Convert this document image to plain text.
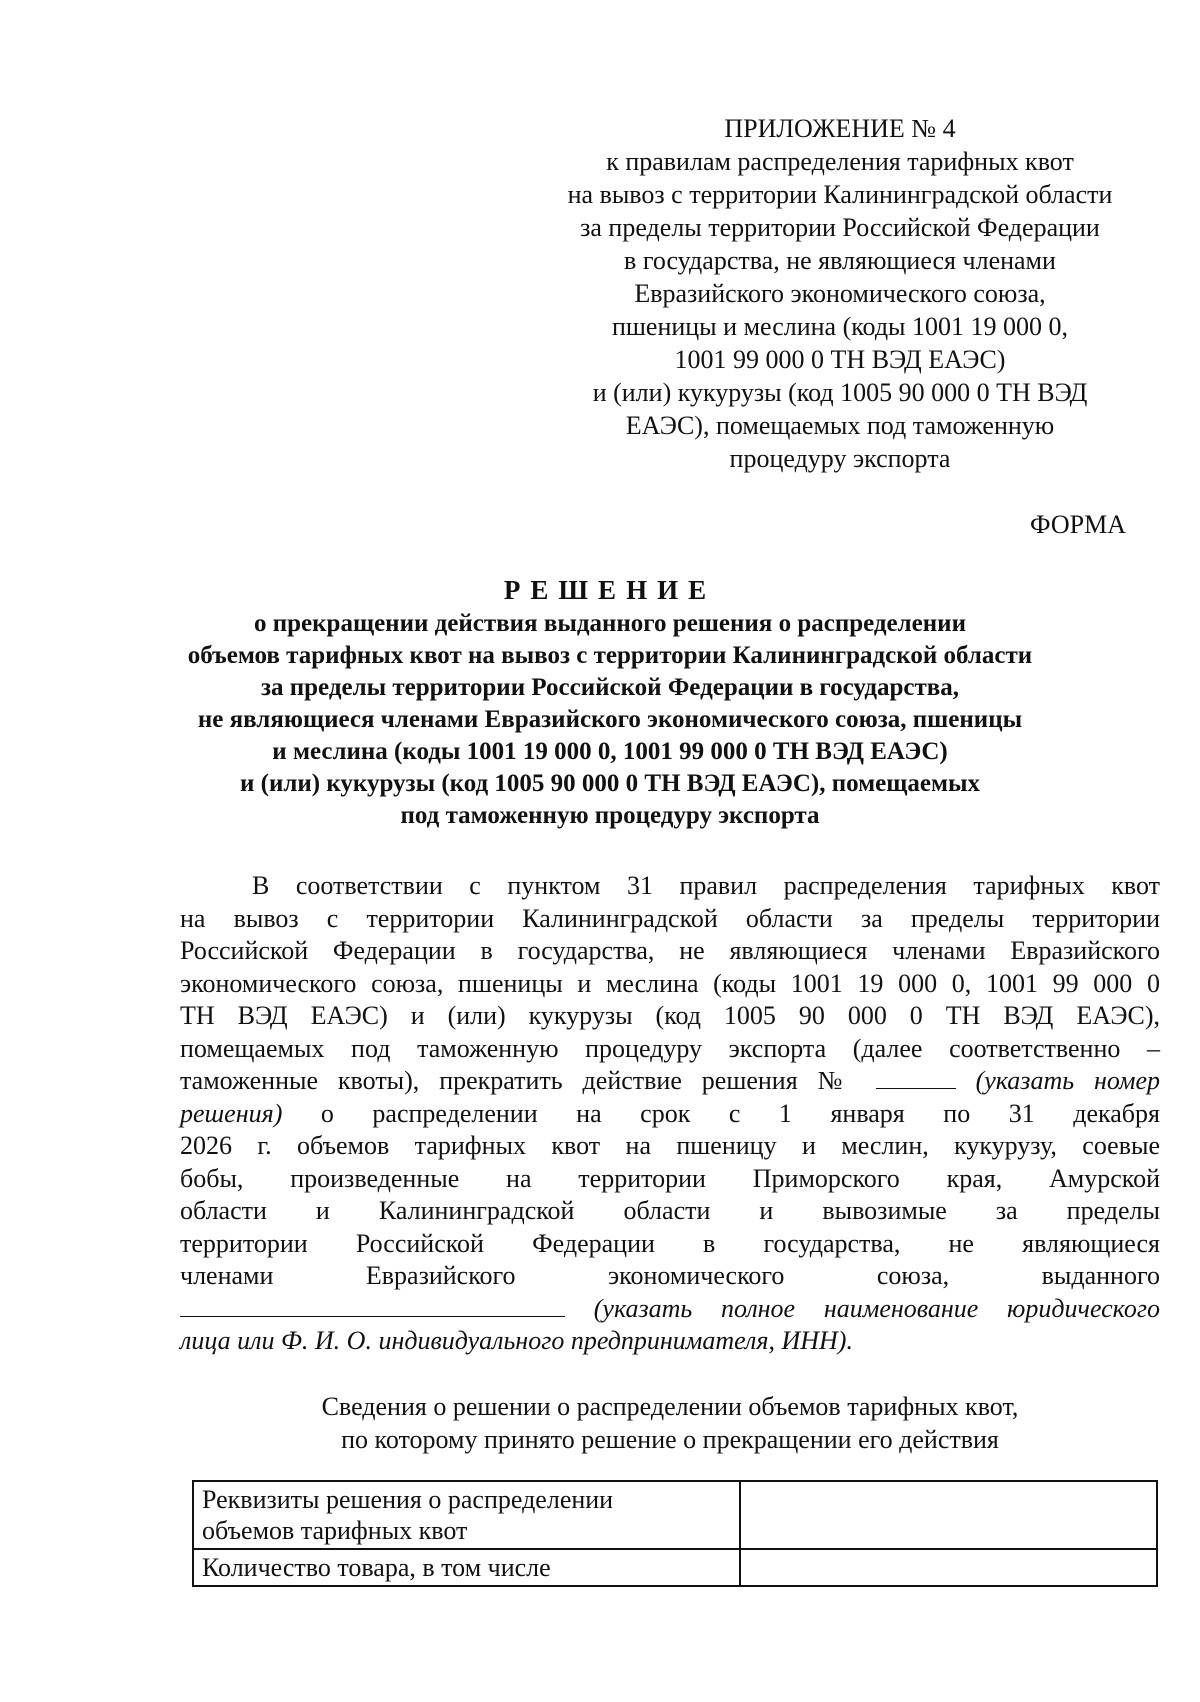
ПРИЛОЖЕНИЕ № 4
к правилам распределения тарифных квот
на вывоз с территории Калининградской области
за пределы территории Российской Федерации
в государства, не являющиеся членами
Евразийского экономического союза,
пшеницы и меслина (коды 1001 19 000 0,
1001 99 000 0 ТН ВЭД ЕАЭС)
и (или) кукурузы (код 1005 90 000 0 ТН ВЭД
ЕАЭС), помещаемых под таможенную
процедуру экспорта
ФОРМА
РЕШЕНИЕ
о прекращении действия выданного решения о распределении
объемов тарифных квот на вывоз с территории Калининградской области
за пределы территории Российской Федерации в государства,
не являющиеся членами Евразийского экономического союза, пшеницы
и меслина (коды 1001 19 000 0, 1001 99 000 0 ТН ВЭД ЕАЭС)
и (или) кукурузы (код 1005 90 000 0 ТН ВЭД ЕАЭС), помещаемых
под таможенную процедуру экспорта
В соответствии с пунктом 31 правил распределения тарифных квот
на вывоз с территории Калининградской области за пределы территории
Российской Федерации в государства, не являющиеся членами Евразийского
экономического союза, пшеницы и меслина (коды 1001 19 000 0, 1001 99 000 0
ТН ВЭД ЕАЭС) и (или) кукурузы (код 1005 90 000 0 ТН ВЭД ЕАЭС),
помещаемых под таможенную процедуру экспорта (далее соответственно –
таможенные квоты), прекратить действие решения №	(указать номер
решения) о распределении на срок с 1 января по 31 декабря
2026 г. объемов тарифных квот на пшеницу и меслин, кукурузу, соевые
бобы, произведенные на территории Приморского края, Амурской
области и Калининградской области и вывозимые за пределы
территории Российской Федерации в государства, не являющиеся
членами Евразийского экономического союза, выданного
(указать полное наименование юридического
лица или Ф. И. О. индивидуального предпринимателя, ИНН).
Сведения о решении о распределении объемов тарифных квот,
по которому принято решение о прекращении его действия
Реквизиты решения о распределении
объемов тарифных квот	
Количество товара, в том числе	
